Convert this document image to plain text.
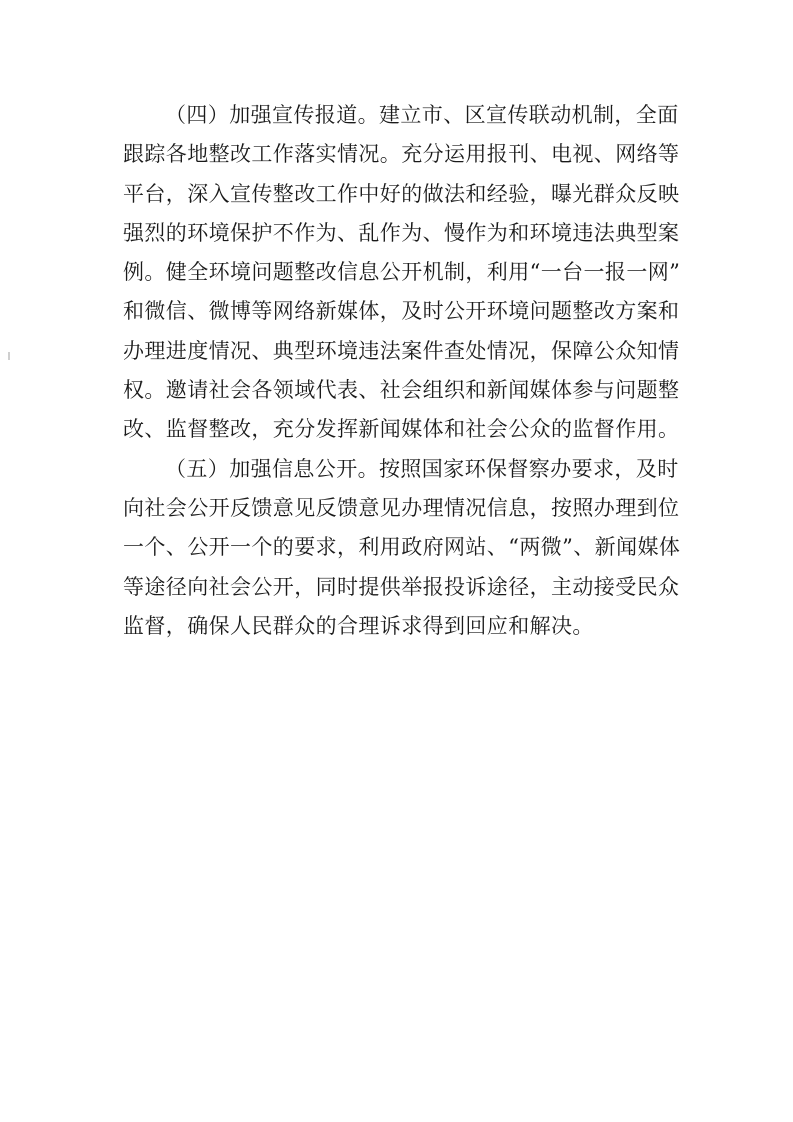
（四）加强宣传报道。建立市、区宣传联动机制，全面
跟踪各地整改工作落实情况。充分运用报刊、电视、网络等
平台，深入宣传整改工作中好的做法和经验，曝光群众反映
强烈的环境保护不作为、乱作为、慢作为和环境违法典型案
例。健全环境问题整改信息公开机制，利用“一台一报一网”
和微信、微博等网络新媒体，及时公开环境问题整改方案和
办理进度情况、典型环境违法案件查处情况，保障公众知情
权。邀请社会各领域代表、社会组织和新闻媒体参与问题整
改、监督整改，充分发挥新闻媒体和社会公众的监督作用。
（五）加强信息公开。按照国家环保督察办要求，及时
向社会公开反馈意见反馈意见办理情况信息，按照办理到位
一个、公开一个的要求，利用政府网站、“两微”、新闻媒体
等途径向社会公开，同时提供举报投诉途径，主动接受民众
监督，确保人民群众的合理诉求得到回应和解决。
